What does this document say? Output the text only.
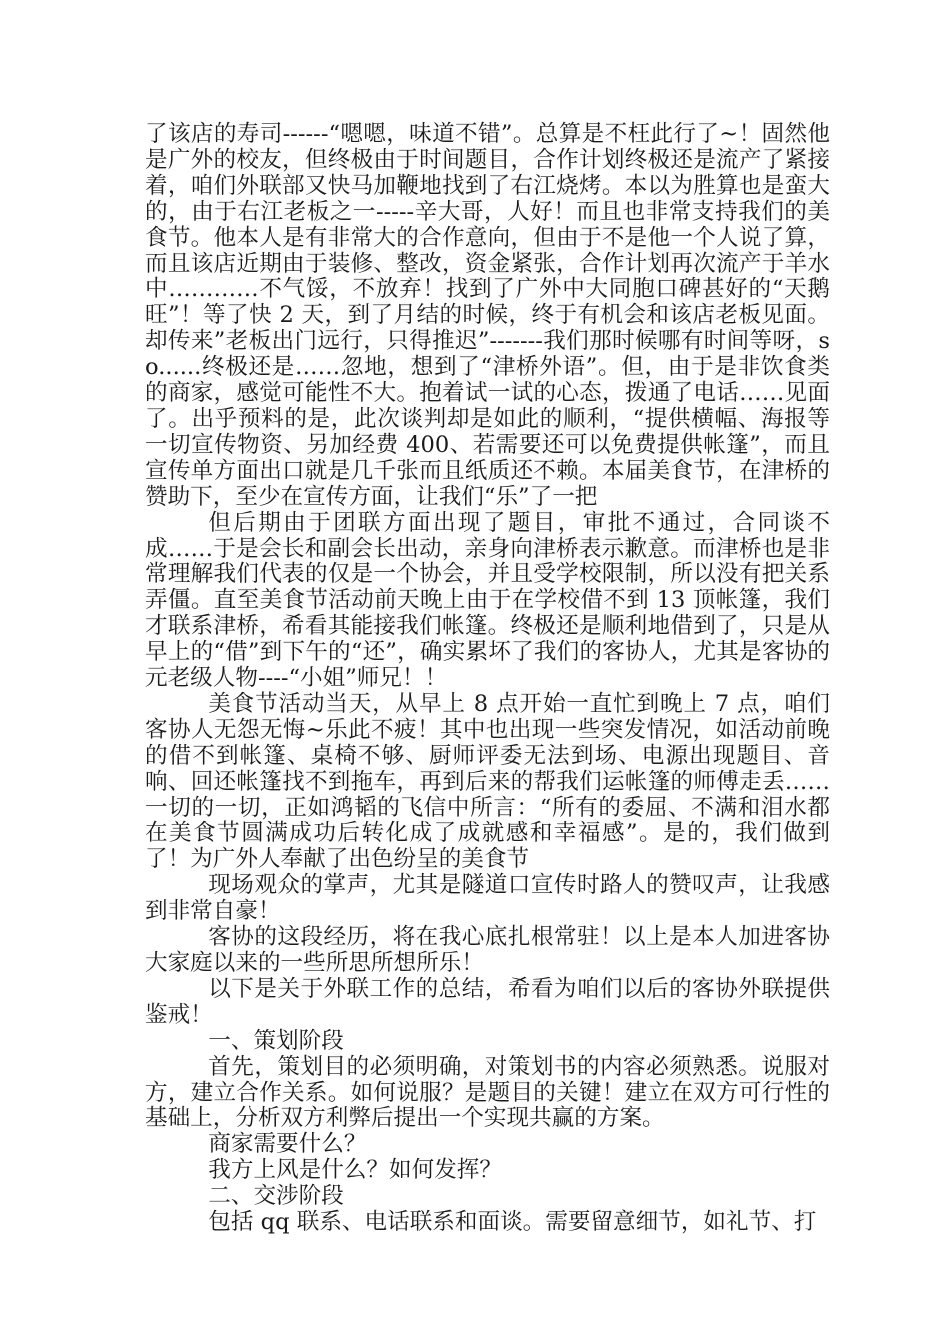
了该店的寿司------“嗯嗯，味道不错”。总算是不枉此行了~！固然他是广外的校友，但终极由于时间题目，合作计划终极还是流产了紧接着，咱们外联部又快马加鞭地找到了右江烧烤。本以为胜算也是蛮大的，由于右江老板之一-----辛大哥，人好！而且也非常支持我们的美食节。他本人是有非常大的合作意向，但由于不是他一个人说了算，而且该店近期由于装修、整改，资金紧张，合作计划再次流产于羊水中…………不气馁，不放弃！找到了广外中大同胞口碑甚好的“天鹅旺”！等了快 2 天，到了月结的时候，终于有机会和该店老板见面。却传来”老板出门远行，只得推迟”-------我们那时候哪有时间等呀，so......终极还是……忽地，想到了“津桥外语”。但，由于是非饮食类的商家，感觉可能性不大。抱着试一试的心态，拨通了电话……见面了。出乎预料的是，此次谈判却是如此的顺利，“提供横幅、海报等一切宣传物资、另加经费 400、若需要还可以免费提供帐篷”，而且宣传单方面出口就是几千张而且纸质还不赖。本届美食节，在津桥的赞助下，至少在宣传方面，让我们“乐”了一把

但后期由于团联方面出现了题目，审批不通过，合同谈不成……于是会长和副会长出动，亲身向津桥表示歉意。而津桥也是非常理解我们代表的仅是一个协会，并且受学校限制，所以没有把关系弄僵。直至美食节活动前天晚上由于在学校借不到 13 顶帐篷，我们才联系津桥，希看其能接我们帐篷。终极还是顺利地借到了，只是从早上的“借”到下午的“还”，确实累坏了我们的客协人，尤其是客协的元老级人物----“小姐”师兄！！

美食节活动当天，从早上 8 点开始一直忙到晚上 7 点，咱们客协人无怨无悔~乐此不疲！其中也出现一些突发情况，如活动前晚的借不到帐篷、桌椅不够、厨师评委无法到场、电源出现题目、音响、回还帐篷找不到拖车，再到后来的帮我们运帐篷的师傅走丢……一切的一切，正如鸿韬的飞信中所言：“所有的委屈、不满和泪水都在美食节圆满成功后转化成了成就感和幸福感”。是的，我们做到了！为广外人奉献了出色纷呈的美食节

现场观众的掌声，尤其是隧道口宣传时路人的赞叹声，让我感到非常自豪！

客协的这段经历，将在我心底扎根常驻！以上是本人加进客协大家庭以来的一些所思所想所乐！

以下是关于外联工作的总结，希看为咱们以后的客协外联提供鉴戒！

一、策划阶段

首先，策划目的必须明确，对策划书的内容必须熟悉。说服对方，建立合作关系。如何说服？是题目的关键！建立在双方可行性的基础上，分析双方利弊后提出一个实现共赢的方案。

商家需要什么？

我方上风是什么？如何发挥？

二、交涉阶段

包括 qq 联系、电话联系和面谈。需要留意细节，如礼节、打
